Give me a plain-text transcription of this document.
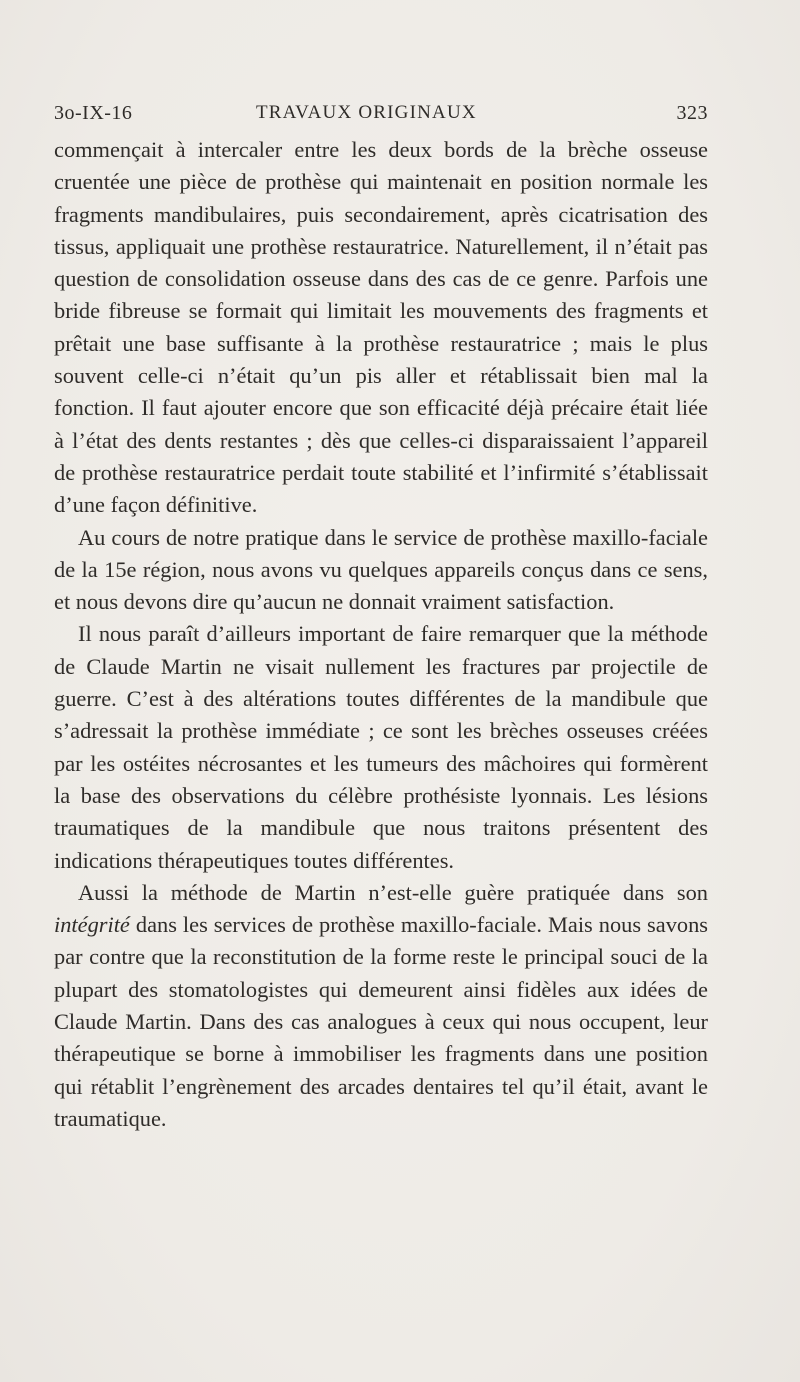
3o-IX-16	TRAVAUX ORIGINAUX	323

commençait à intercaler entre les deux bords de la brèche osseuse cruentée une pièce de prothèse qui maintenait en position normale les fragments mandibulaires, puis secondairement, après cicatrisation des tissus, appliquait une prothèse restauratrice. Naturellement, il n’était pas question de consolidation osseuse dans des cas de ce genre. Parfois une bride fibreuse se formait qui limitait les mouvements des fragments et prêtait une base suffisante à la prothèse restauratrice ; mais le plus souvent celle-ci n’était qu’un pis aller et rétablissait bien mal la fonction. Il faut ajouter encore que son efficacité déjà précaire était liée à l’état des dents restantes ; dès que celles-ci disparaissaient l’appareil de prothèse restauratrice perdait toute stabilité et l’infirmité s’établissait d’une façon définitive.

Au cours de notre pratique dans le service de prothèse maxillo-faciale de la 15e région, nous avons vu quelques appareils conçus dans ce sens, et nous devons dire qu’aucun ne donnait vraiment satisfaction.

Il nous paraît d’ailleurs important de faire remarquer que la méthode de Claude Martin ne visait nullement les fractures par projectile de guerre. C’est à des altérations toutes différentes de la mandibule que s’adressait la prothèse immédiate ; ce sont les brèches osseuses créées par les ostéites nécrosantes et les tumeurs des mâchoires qui formèrent la base des observations du célèbre prothésiste lyonnais. Les lésions traumatiques de la mandibule que nous traitons présentent des indications thérapeutiques toutes différentes.

Aussi la méthode de Martin n’est-elle guère pratiquée dans son intégrité dans les services de prothèse maxillo-faciale. Mais nous savons par contre que la reconstitution de la forme reste le principal souci de la plupart des stomatologistes qui demeurent ainsi fidèles aux idées de Claude Martin. Dans des cas analogues à ceux qui nous occupent, leur thérapeutique se borne à immobiliser les fragments dans une position qui rétablit l’engrènement des arcades dentaires tel qu’il était, avant le traumatique.
